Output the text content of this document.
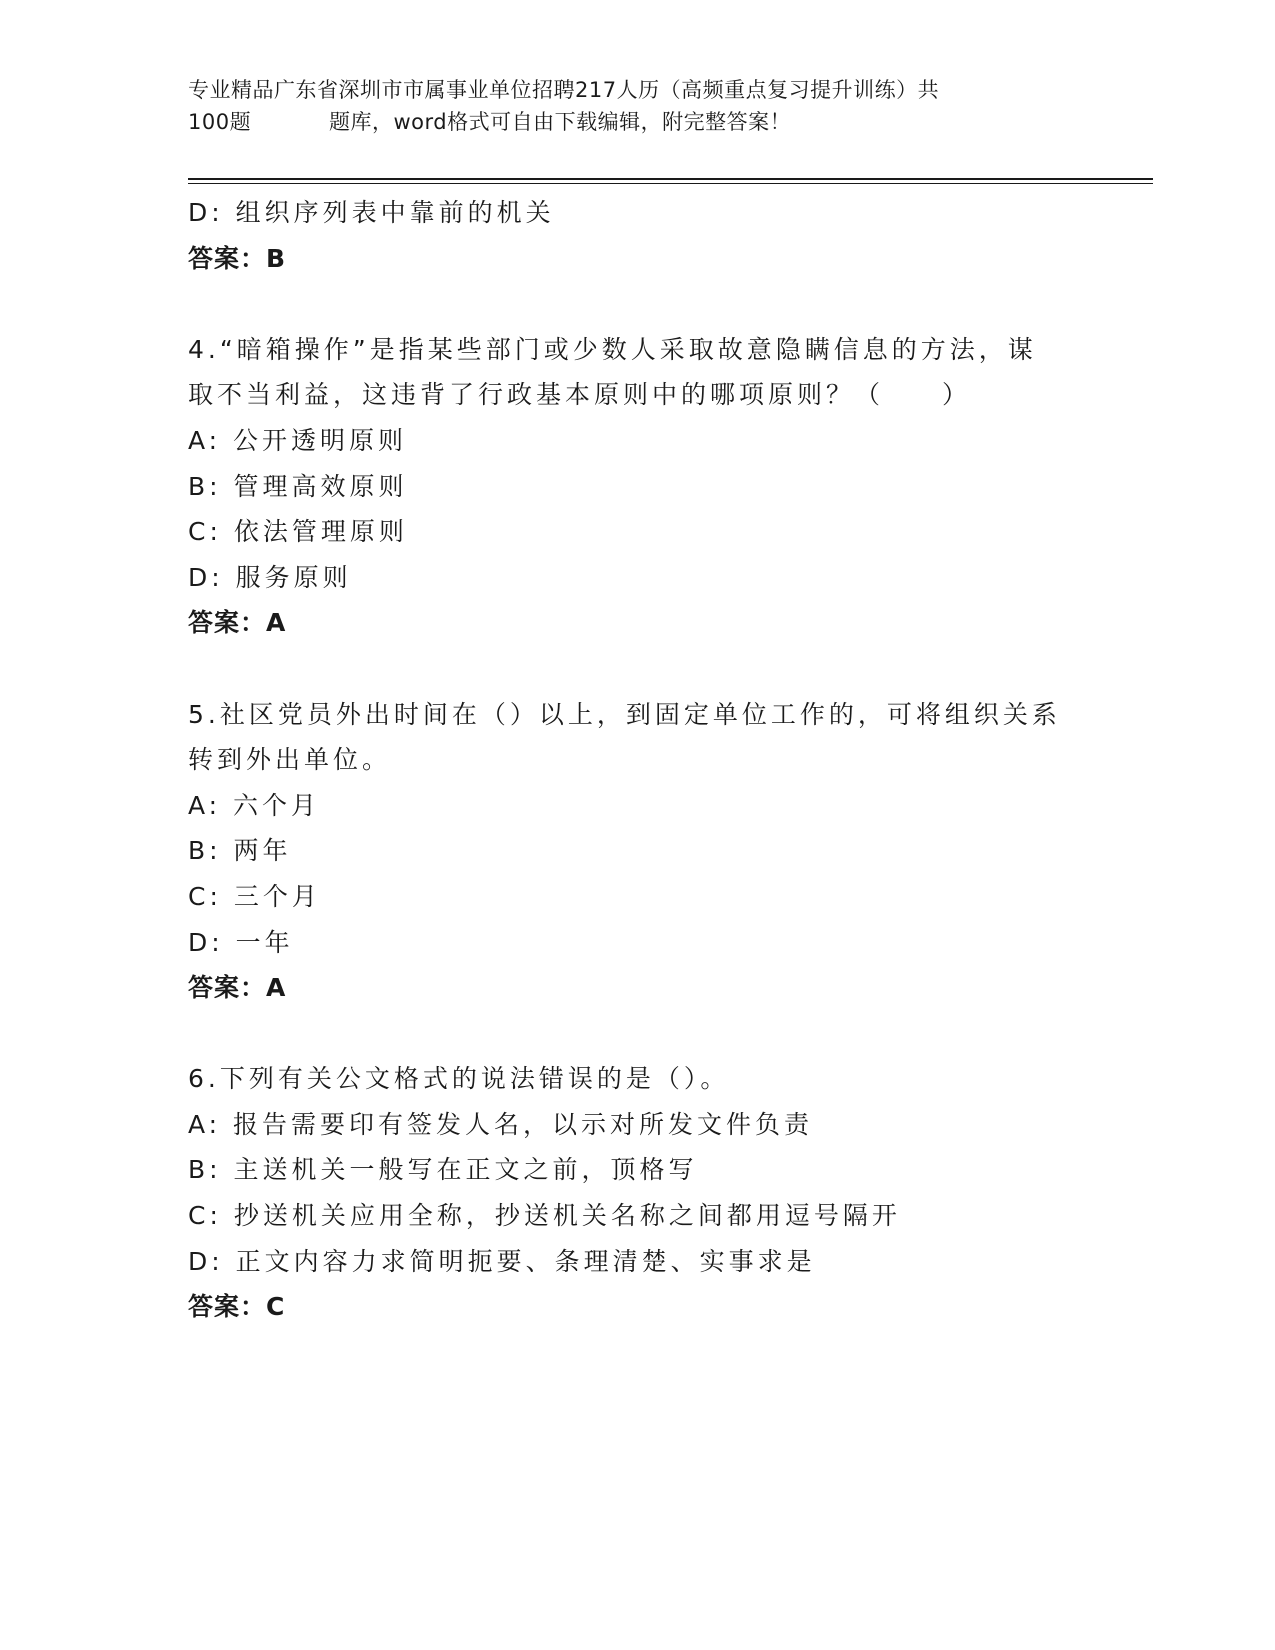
专业精品广东省深圳市市属事业单位招聘217人历（高频重点复习提升训练）共
100题	题库，word格式可自由下载编辑，附完整答案！
D: 组织序列表中靠前的机关
答案：B
4.“暗箱操作”是指某些部门或少数人采取故意隐瞒信息的方法，谋
取不当利益，这违背了行政基本原则中的哪项原则？（　　）
A: 公开透明原则
B: 管理高效原则
C: 依法管理原则
D: 服务原则
答案：A
5.社区党员外出时间在（）以上，到固定单位工作的，可将组织关系
转到外出单位。
A: 六个月
B: 两年
C: 三个月
D: 一年
答案：A
6.下列有关公文格式的说法错误的是（）。
A: 报告需要印有签发人名，以示对所发文件负责
B: 主送机关一般写在正文之前，顶格写
C: 抄送机关应用全称，抄送机关名称之间都用逗号隔开
D: 正文内容力求简明扼要、条理清楚、实事求是
答案：C
